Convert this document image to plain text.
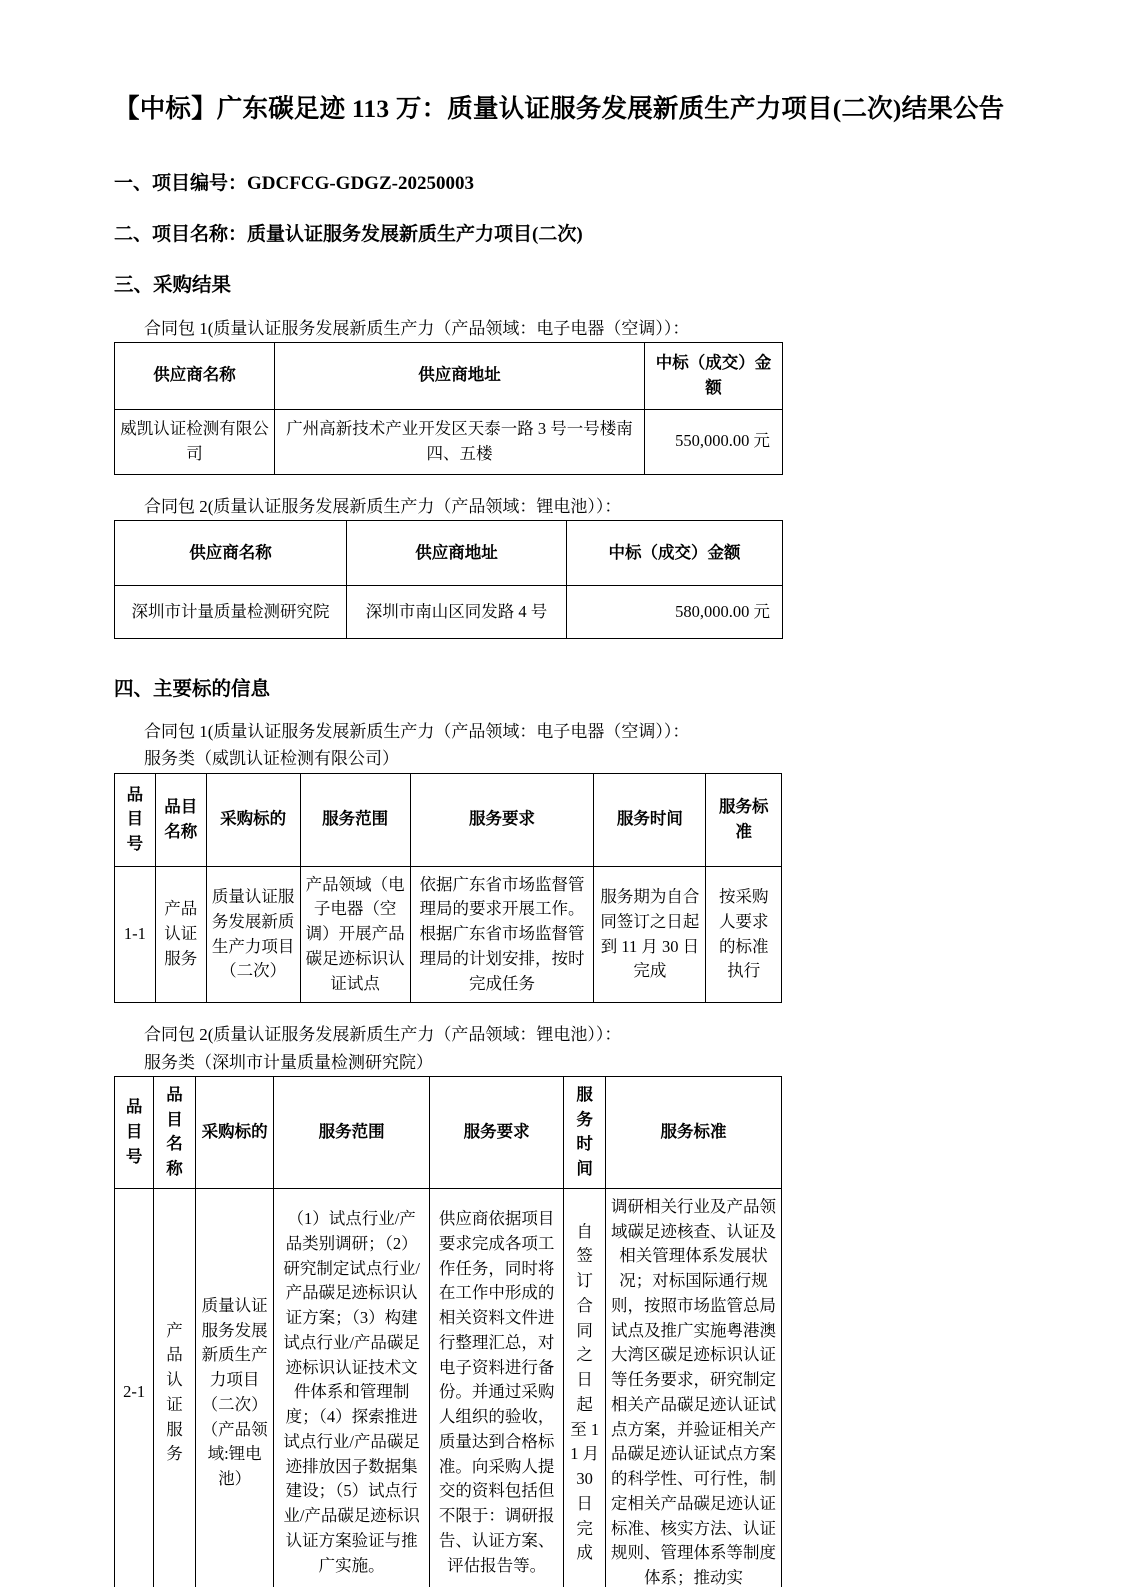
【中标】广东碳足迹 113 万：质量认证服务发展新质生产力项目(二次)结果公告

一、项目编号：GDCFCG-GDGZ-20250003

二、项目名称：质量认证服务发展新质生产力项目(二次)

三、采购结果

合同包 1(质量认证服务发展新质生产力（产品领域：电子电器（空调））：

供应商名称	供应商地址	中标（成交）金额
威凯认证检测有限公司	广州高新技术产业开发区天泰一路 3 号一号楼南四、五楼	550,000.00 元

合同包 2(质量认证服务发展新质生产力（产品领域：锂电池））：

供应商名称	供应商地址	中标（成交）金额
深圳市计量质量检测研究院	深圳市南山区同发路 4 号	580,000.00 元

四、主要标的信息

合同包 1(质量认证服务发展新质生产力（产品领域：电子电器（空调））：

服务类（威凯认证检测有限公司）

品目号	品目名称	采购标的	服务范围	服务要求	服务时间	服务标准
1-1	产品认证服务	质量认证服务发展新质生产力项目（二次）	产品领域（电子电器（空调）开展产品碳足迹标识认证试点	依据广东省市场监督管理局的要求开展工作。根据广东省市场监督管理局的计划安排，按时完成任务	服务期为自合同签订之日起到 11 月 30 日完成	按采购人要求的标准执行

合同包 2(质量认证服务发展新质生产力（产品领域：锂电池））：

服务类（深圳市计量质量检测研究院）

品目号	品目名称	采购标的	服务范围	服务要求	服务时间	服务标准
2-1	产品认证服务	质量认证服务发展新质生产力项目（二次）（产品领域:锂电池）	（1）试点行业/产品类别调研；（2）研究制定试点行业/产品碳足迹标识认证方案；（3）构建试点行业/产品碳足迹标识认证技术文件体系和管理制度；（4）探索推进试点行业/产品碳足迹排放因子数据集建设；（5）试点行业/产品碳足迹标识认证方案验证与推广实施。	供应商依据项目要求完成各项工作任务，同时将在工作中形成的相关资料文件进行整理汇总，对电子资料进行备份。并通过采购人组织的验收，质量达到合格标准。向采购人提交的资料包括但不限于：调研报告、认证方案、评估报告等。	自签订合同之日起至 1 1 月 30 日完成	调研相关行业及产品领域碳足迹核查、认证及相关管理体系发展状况；对标国际通行规则，按照市场监管总局试点及推广实施粤港澳大湾区碳足迹标识认证等任务要求，研究制定相关产品碳足迹认证试点方案，并验证相关产品碳足迹认证试点方案的科学性、可行性，制定相关产品碳足迹认证标准、核实方法、认证规则、管理体系等制度体系；推动实
